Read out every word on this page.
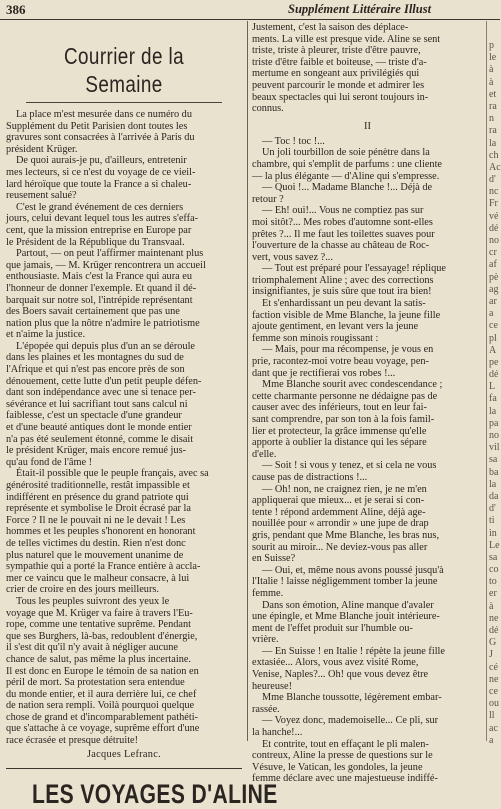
386	Supplément Littéraire Illust
Courrier de la Semaine
La place m'est mesurée dans ce numéro du
Supplément du Petit Parisien dont toutes les
gravures sont consacrées à l'arrivée à Paris du
président Krüger.
De quoi aurais-je pu, d'ailleurs, entretenir
mes lecteurs, si ce n'est du voyage de ce vieil-
lard héroïque que toute la France a si chaleu-
reusement salué?
C'est le grand événement de ces derniers
jours, celui devant lequel tous les autres s'effa-
cent, que la mission entreprise en Europe par
le Président de la République du Transvaal.
Partout, — on peut l'affirmer maintenant plus
que jamais, — M. Krüger rencontrera un accueil
enthousiaste. Mais c'est la France qui aura eu
l'honneur de donner l'exemple. Et quand il dé-
barquait sur notre sol, l'intrépide représentant
des Boers savait certainement que pas une
nation plus que la nôtre n'admire le patriotisme
et n'aime la justice.
L'épopée qui depuis plus d'un an se déroule
dans les plaines et les montagnes du sud de
l'Afrique et qui n'est pas encore près de son
dénouement, cette lutte d'un petit peuple défen-
dant son indépendance avec une si tenace per-
sévérance et lui sacrifiant tout sans calcul ni
faiblesse, c'est un spectacle d'une grandeur
et d'une beauté antiques dont le monde entier
n'a pas été seulement étonné, comme le disait
le président Krüger, mais encore remué jus-
qu'au fond de l'âme !
Était-il possible que le peuple français, avec sa
générosité traditionnelle, restât impassible et
indifférent en présence du grand patriote qui
représente et symbolise le Droit écrasé par la
Force ? Il ne le pouvait ni ne le devait ! Les
hommes et les peuples s'honorent en honorant
de telles victimes du destin. Rien n'est donc
plus naturel que le mouvement unanime de
sympathie qui a porté la France entière à accla-
mer ce vaincu que le malheur consacre, à lui
crier de croire en des jours meilleurs.
Tous les peuples suivront des yeux le
voyage que M. Krüger va faire à travers l'Eu-
rope, comme une tentative suprême. Pendant
que ses Burghers, là-bas, redoublent d'énergie,
il s'est dit qu'il n'y avait à négliger aucune
chance de salut, pas même la plus incertaine.
Il est donc en Europe le témoin de sa nation en
péril de mort. Sa protestation sera entendue
du monde entier, et il aura derrière lui, ce chef
de nation sera rempli. Voilà pourquoi quelque
chose de grand et d'incomparablement pathéti-
que s'attache à ce voyage, suprême effort d'une
race écrasée et presque détruite!
Jacques Lefranc.
LES VOYAGES D'ALINE
Justement, c'est la saison des déplace-
ments. La ville est presque vide. Aline se sent
triste, triste à pleurer, triste d'être pauvre,
triste d'être faible et boiteuse, — triste d'a-
mertume en songeant aux privilégiés qui
peuvent parcourir le monde et admirer les
beaux spectacles qui lui seront toujours in-
connus.
II
— Toc ! toc !...
Un joli tourbillon de soie pénètre dans la
chambre, qui s'emplit de parfums : une cliente
— la plus élégante — d'Aline qui s'empresse.
— Quoi !... Madame Blanche !... Déjà de
retour ?
— Eh! oui!... Vous ne comptiez pas sur
moi sitôt?... Mes robes d'automne sont-elles
prêtes ?... Il me faut les toilettes suaves pour
l'ouverture de la chasse au château de Roc-
vert, vous savez ?...
— Tout est préparé pour l'essayage! réplique
triomphalement Aline ; avec des corrections
insignifiantes, je suis sûre que tout ira bien!
Et s'enhardissant un peu devant la satis-
faction visible de Mme Blanche, la jeune fille
ajoute gentiment, en levant vers la jeune
femme son minois rougissant :
— Mais, pour ma récompense, je vous en
prie, racontez-moi votre beau voyage, pen-
dant que je rectifierai vos robes !...
Mme Blanche sourit avec condescendance ;
cette charmante personne ne dédaigne pas de
causer avec des inférieurs, tout en leur fai-
sant comprendre, par son ton à la fois famil-
lier et protecteur, la grâce immense qu'elle
apporte à oublier la distance qui les sépare
d'elle.
— Soit ! si vous y tenez, et si cela ne vous
cause pas de distractions !...
— Oh! non, ne craignez rien, je ne m'en
appliquerai que mieux... et je serai si con-
tente ! répond ardemment Aline, déjà age-
nouillée pour « arrondir » une jupe de drap
gris, pendant que Mme Blanche, les bras nus,
sourit au miroir... Ne deviez-vous pas aller
en Suisse?
— Oui, et, même nous avons poussé jusqu'à
l'Italie ! laisse négligemment tomber la jeune
femme.
Dans son émotion, Aline manque d'avaler
une épingle, et Mme Blanche jouit intérieure-
ment de l'effet produit sur l'humble ou-
vrière.
— En Suisse ! en Italie ! répète la jeune fille
extasiée... Alors, vous avez visité Rome,
Venise, Naples?... Oh! que vous devez être
heureuse!
Mme Blanche toussotte, légèrement embar-
rassée.
— Voyez donc, mademoiselle... Ce pli, sur
la hanche!...
Et contrite, tout en effaçant le pli malen-
contreux, Aline la presse de questions sur le
Vésuve, le Vatican, les gondoles, la jeune
femme déclare avec une majestueuse indiffé-
p
le
à
à
et
ra
n
ra
la
ch
Ac
d'
nc
Fr
vé
dé
no
cr
af
pè
ag
ar
a
ce
pl
A
pe
dé
L
fa
la
pa
no
vil
sa
ba
la
da
d'
ti
in
Le
sa
co
to
er
à
ne
dé
G
J
cé
ne
ce
ou
ll
ac
a
